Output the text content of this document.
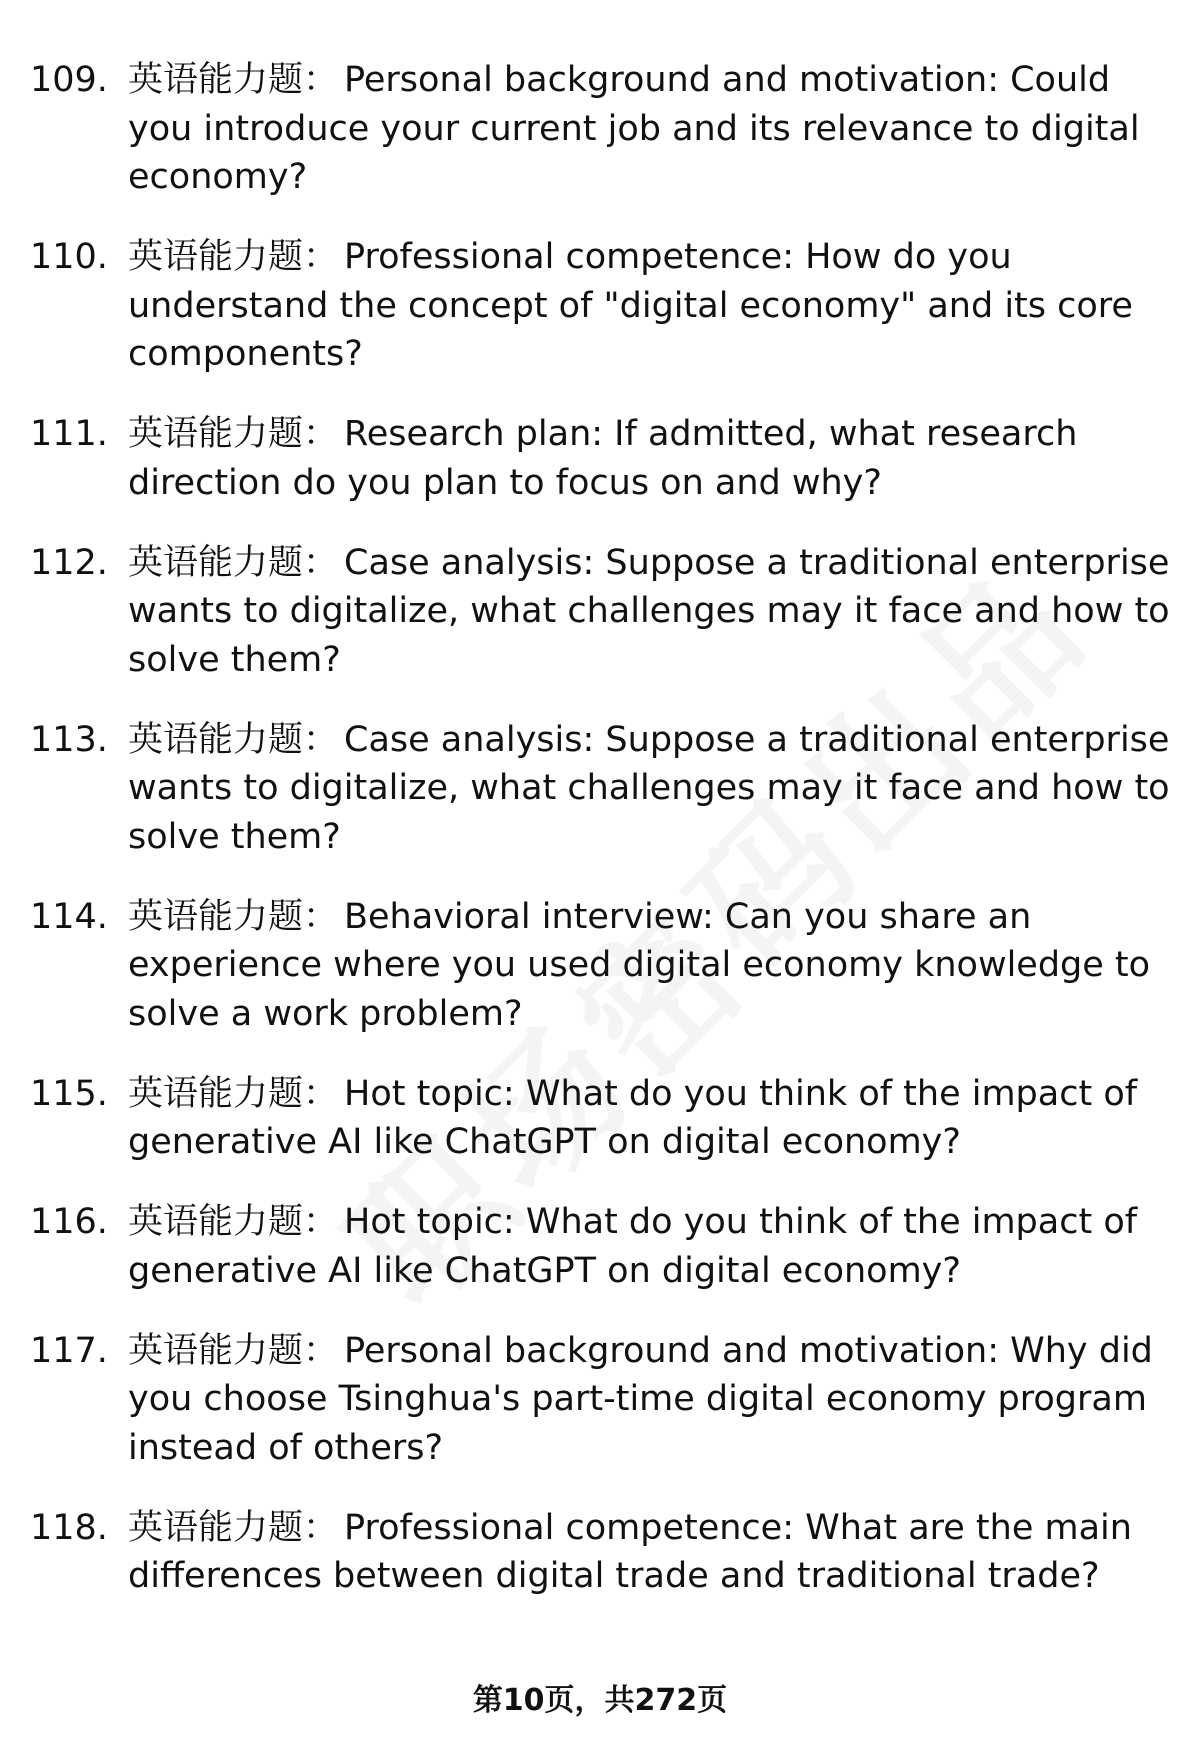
109. 英语能力题： Personal background and motivation: Could you introduce your current job and its relevance to digital economy?
110. 英语能力题： Professional competence: How do you understand the concept of "digital economy" and its core components?
111. 英语能力题： Research plan: If admitted, what research direction do you plan to focus on and why?
112. 英语能力题： Case analysis: Suppose a traditional enterprise wants to digitalize, what challenges may it face and how to solve them?
113. 英语能力题： Case analysis: Suppose a traditional enterprise wants to digitalize, what challenges may it face and how to solve them?
114. 英语能力题： Behavioral interview: Can you share an experience where you used digital economy knowledge to solve a work problem?
115. 英语能力题： Hot topic: What do you think of the impact of generative AI like ChatGPT on digital economy?
116. 英语能力题： Hot topic: What do you think of the impact of generative AI like ChatGPT on digital economy?
117. 英语能力题： Personal background and motivation: Why did you choose Tsinghua's part-time digital economy program instead of others?
118. 英语能力题： Professional competence: What are the main differences between digital trade and traditional trade?
第10页，共272页
